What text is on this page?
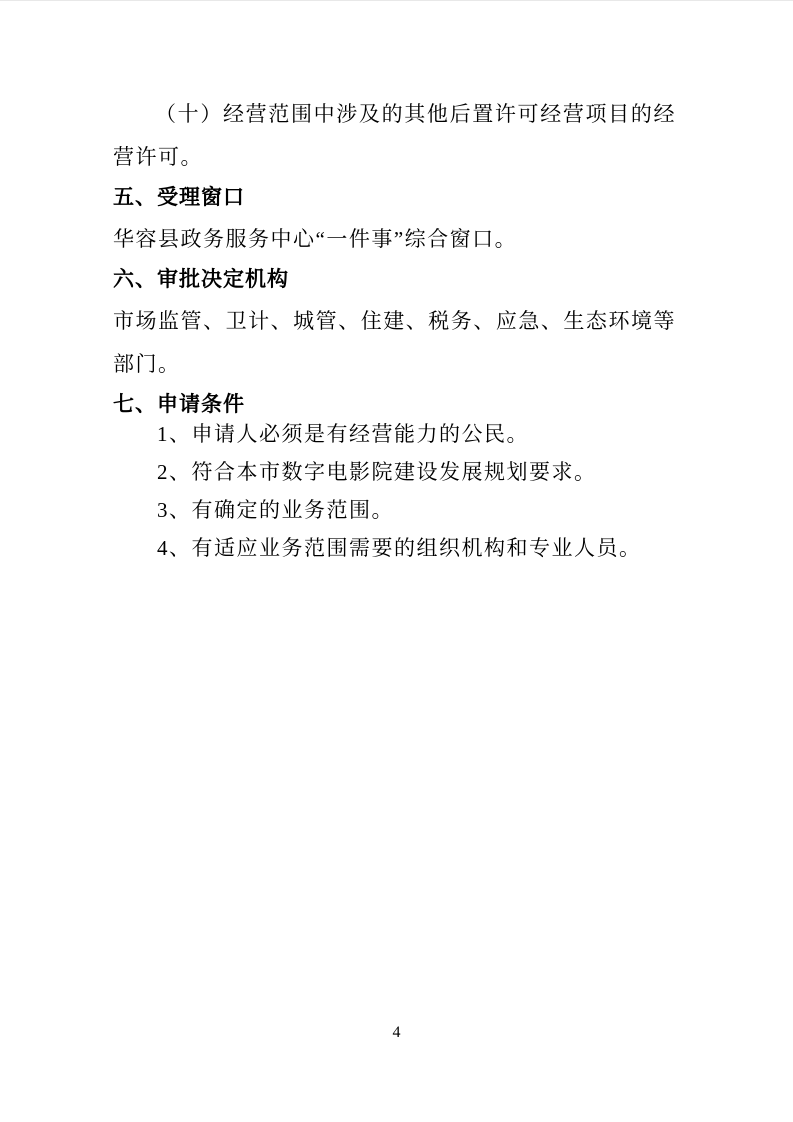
（十）经营范围中涉及的其他后置许可经营项目的经营许可。

五、受理窗口

华容县政务服务中心“一件事”综合窗口。

六、审批决定机构

市场监管、卫计、城管、住建、税务、应急、生态环境等部门。

七、申请条件
1、申请人必须是有经营能力的公民。
2、符合本市数字电影院建设发展规划要求。
3、有确定的业务范围。
4、有适应业务范围需要的组织机构和专业人员。
4
